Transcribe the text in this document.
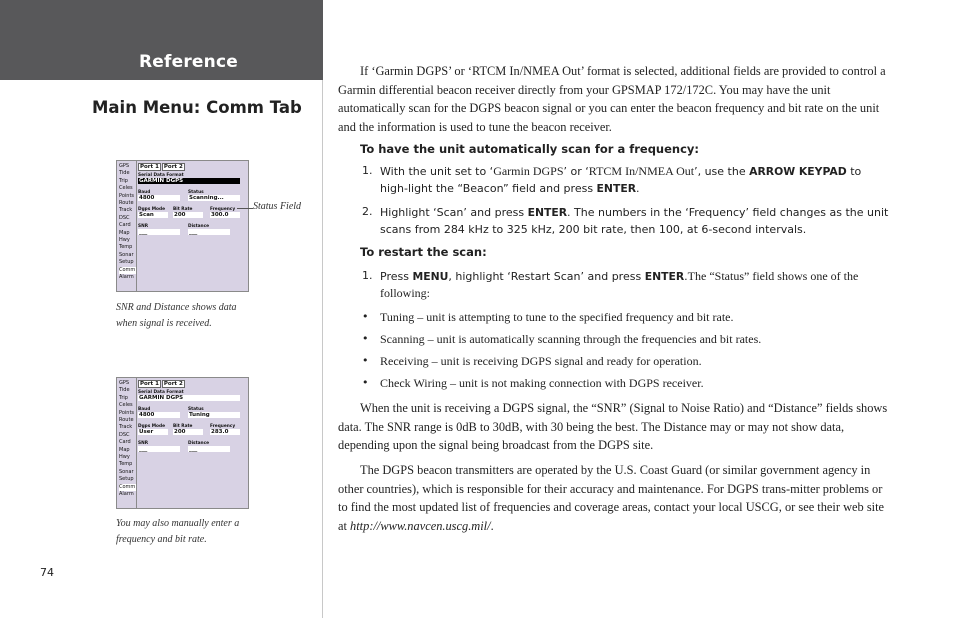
Reference
Main Menu: Comm Tab
GPS
Tide
Trip
Celes
Points
Route
Track
DSC
Card
Map
Hwy
Temp
Sonar
Setup
Comm
Alarm
Port 1 Port 2
Serial Data Format
GARMIN DGPS
Baud
4800
Status
Scanning...
Dgps Mode
Scan
Bit Rate
200
Frequency
300.0
SNR
___
Distance
___
Status Field
SNR and Distance shows data
when signal is received.
GPS
Tide
Trip
Celes
Points
Route
Track
DSC
Card
Map
Hwy
Temp
Sonar
Setup
Comm
Alarm
Port 1 Port 2
Serial Data Format
GARMIN DGPS
Baud
4800
Status
Tuning
Dgps Mode
User
Bit Rate
200
Frequency
283.0
SNR
___
Distance
___
You may also manually enter a
frequency and bit rate.
74

If ‘Garmin DGPS’ or ‘RTCM In/NMEA Out’ format is selected, additional fields are provided to control a Garmin differential beacon receiver directly from your GPSMAP 172/172C. You may have the unit automatically scan for the DGPS beacon signal or you can enter the beacon frequency and bit rate on the unit and the information is used to tune the beacon receiver.

To have the unit automatically scan for a frequency:
1. With the unit set to ‘Garmin DGPS’ or ‘RTCM In/NMEA Out’, use the ARROW KEYPAD to high-light the “Beacon” field and press ENTER.
2. Highlight ‘Scan’ and press ENTER. The numbers in the ‘Frequency’ field changes as the unit scans from 284 kHz to 325 kHz, 200 bit rate, then 100, at 6-second intervals.
To restart the scan:
1. Press MENU, highlight ‘Restart Scan’ and press ENTER.The “Status” field shows one of the following:
• Tuning – unit is attempting to tune to the specified frequency and bit rate.
• Scanning – unit is automatically scanning through the frequencies and bit rates.
• Receiving – unit is receiving DGPS signal and ready for operation.
• Check Wiring – unit is not making connection with DGPS receiver.

When the unit is receiving a DGPS signal, the “SNR” (Signal to Noise Ratio) and “Distance” fields shows data. The SNR range is 0dB to 30dB, with 30 being the best. The Distance may or may not show data, depending upon the signal being broadcast from the DGPS site.

The DGPS beacon transmitters are operated by the U.S. Coast Guard (or similar government agency in other countries), which is responsible for their accuracy and maintenance. For DGPS trans-mitter problems or to find the most updated list of frequencies and coverage areas, contact your local USCG, or see their web site at http://www.navcen.uscg.mil/.
